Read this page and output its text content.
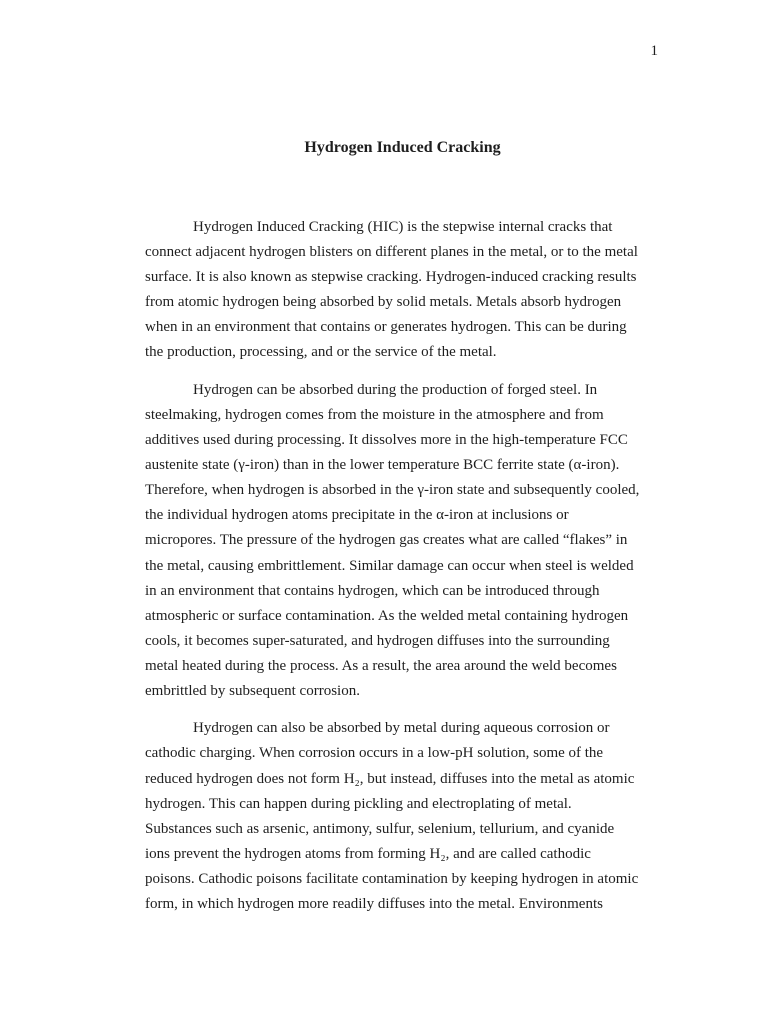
1
Hydrogen Induced Cracking

Hydrogen Induced Cracking (HIC) is the stepwise internal cracks that
connect adjacent hydrogen blisters on different planes in the metal, or to the metal
surface. It is also known as stepwise cracking. Hydrogen-induced cracking results
from atomic hydrogen being absorbed by solid metals. Metals absorb hydrogen
when in an environment that contains or generates hydrogen. This can be during
the production, processing, and or the service of the metal.

Hydrogen can be absorbed during the production of forged steel. In
steelmaking, hydrogen comes from the moisture in the atmosphere and from
additives used during processing. It dissolves more in the high-temperature FCC
austenite state (γ-iron) than in the lower temperature BCC ferrite state (α-iron).
Therefore, when hydrogen is absorbed in the γ-iron state and subsequently cooled,
the individual hydrogen atoms precipitate in the α-iron at inclusions or
micropores. The pressure of the hydrogen gas creates what are called “flakes” in
the metal, causing embrittlement. Similar damage can occur when steel is welded
in an environment that contains hydrogen, which can be introduced through
atmospheric or surface contamination. As the welded metal containing hydrogen
cools, it becomes super-saturated, and hydrogen diffuses into the surrounding
metal heated during the process. As a result, the area around the weld becomes
embrittled by subsequent corrosion.

Hydrogen can also be absorbed by metal during aqueous corrosion or
cathodic charging. When corrosion occurs in a low-pH solution, some of the
reduced hydrogen does not form H₂, but instead, diffuses into the metal as atomic
hydrogen. This can happen during pickling and electroplating of metal.
Substances such as arsenic, antimony, sulfur, selenium, tellurium, and cyanide
ions prevent the hydrogen atoms from forming H₂, and are called cathodic
poisons. Cathodic poisons facilitate contamination by keeping hydrogen in atomic
form, in which hydrogen more readily diffuses into the metal. Environments
